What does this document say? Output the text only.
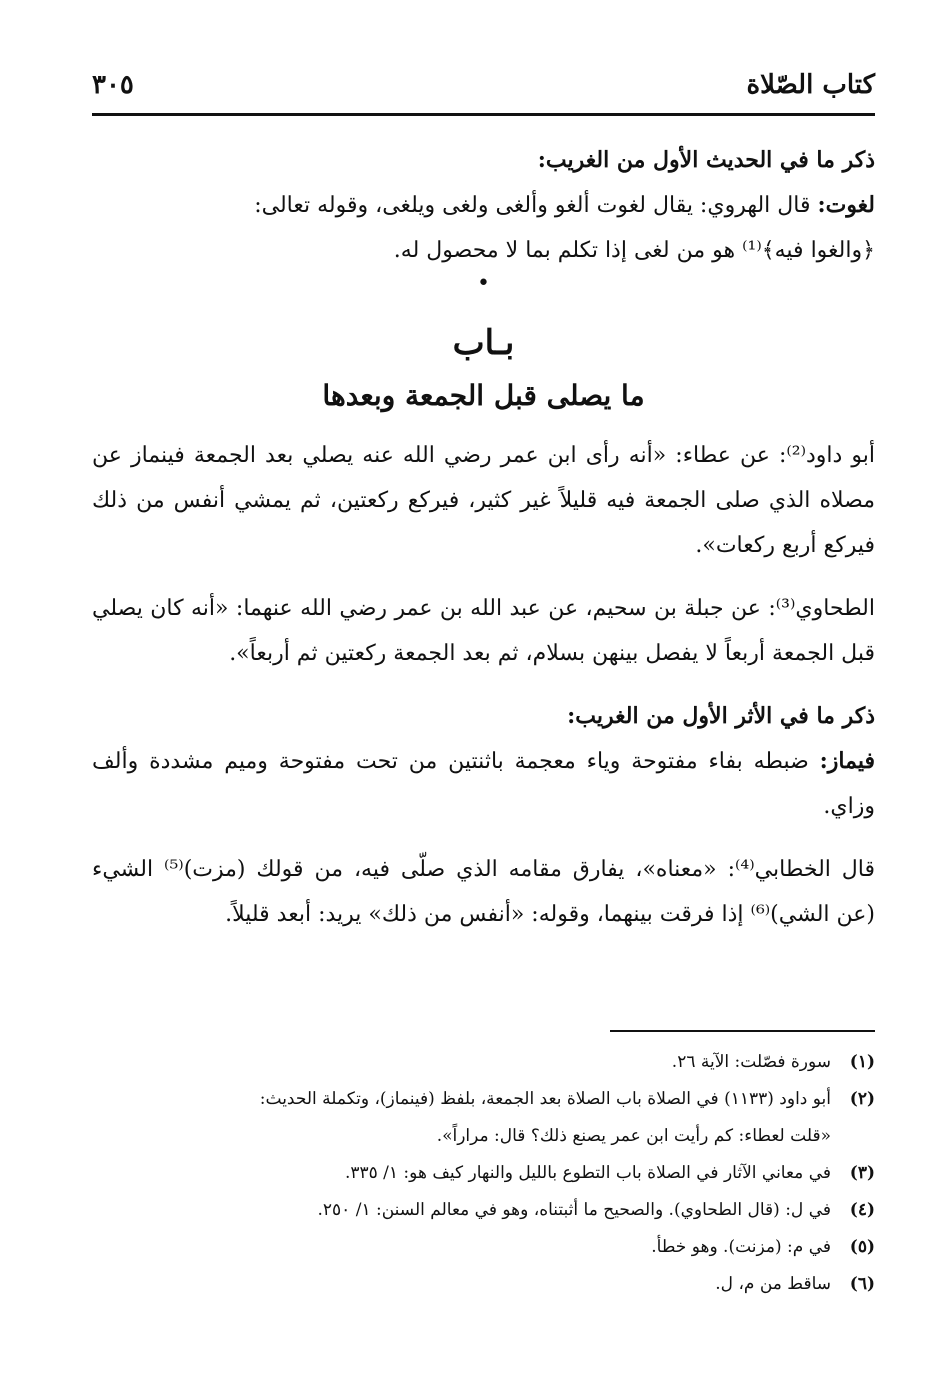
كتاب الصّلاة
٣٠٥

ذكر ما في الحديث الأول من الغريب:

لغوت: قال الهروي: يقال لغوت ألغو وألغى ولغى ويلغى، وقوله تعالى:

﴿والغوا فيه﴾⁽¹⁾ هو من لغى إذا تكلم بما لا محصول له.

•
بـاب
ما يصلى قبل الجمعة وبعدها

أبو داود⁽²⁾: عن عطاء: «أنه رأى ابن عمر رضي الله عنه يصلي بعد الجمعة فينماز عن مصلاه الذي صلى الجمعة فيه قليلاً غير كثير، فيركع ركعتين، ثم يمشي أنفس من ذلك فيركع أربع ركعات».

الطحاوي⁽³⁾: عن جبلة بن سحيم، عن عبد الله بن عمر رضي الله عنهما: «أنه كان يصلي قبل الجمعة أربعاً لا يفصل بينهن بسلام، ثم بعد الجمعة ركعتين ثم أربعاً».

ذكر ما في الأثر الأول من الغريب:

فيماز: ضبطه بفاء مفتوحة وياء معجمة باثنتين من تحت مفتوحة وميم مشددة وألف وزاي.

قال الخطابي⁽⁴⁾: «معناه»، يفارق مقامه الذي صلّى فيه، من قولك (مزت)⁽⁵⁾ الشيء (عن الشي)⁽⁶⁾ إذا فرقت بينهما، وقوله: «أنفس من ذلك» يريد: أبعد قليلاً.

(١)
سورة فصّلت: الآية ٢٦.
(٢)
أبو داود (١١٣٣) في الصلاة باب الصلاة بعد الجمعة، بلفظ (فينماز)، وتكملة الحديث:
«قلت لعطاء: كم رأيت ابن عمر يصنع ذلك؟ قال: مراراً».
(٣)
في معاني الآثار في الصلاة باب التطوع بالليل والنهار كيف هو: ١/ ٣٣٥.
(٤)
في ل: (قال الطحاوي). والصحيح ما أثبتناه، وهو في معالم السنن: ١/ ٢٥٠.
(٥)
في م: (مزنت). وهو خطأ.
(٦)
ساقط من م، ل.
